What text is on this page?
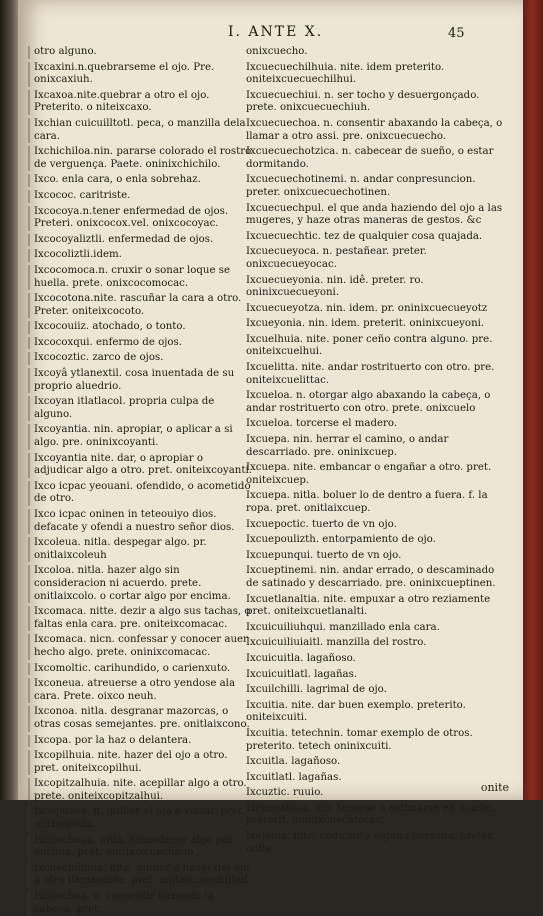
I. ANTE X.	45

otro alguno.

Ixcaxini.n.quebrarseme el ojo. Pre. onixcaxiuh.

Ixcaxoa.nite.quebrar a otro el ojo. Preterito. o niteixcaxo.

Ixchian cuicuilltotl. peca, o manzilla dela cara.

Ixchichiloa.nin. pararse colorado el rostro de verguença. Paete. oninixchichilo.

Ixco. enla cara, o enla sobrehaz.

Ixcococ. caritriste.

Ixcocoya.n.tener enfermedad de ojos. Preteri. onixcocox.vel. onixcocoyac.

Ixcocoyaliztli. enfermedad de ojos.

Ixcocoliztli.idem.

Ixcocomoca.n. cruxir o sonar loque se huella. prete. onixcocomocac.

Ixcocotona.nite. rascuñar la cara a otro. Preter. oniteixcocoto.

Ixcocouiiz. atochado, o tonto.

Ixcocoxqui. enfermo de ojos.

Ixcocoztic. zarco de ojos.

Ixcoyâ ytlanextil. cosa inuentada de su proprio aluedrio.

Ixcoyan itlatlacol. propria culpa de alguno.

Ixcoyantia. nin. apropiar, o aplicar a si algo. pre. oninixcoyanti.

Ixcoyantia nite. dar, o apropiar o adjudicar algo a otro. pret. oniteixcoyanti.

Ixco icpac yeouani. ofendido, o acometido de otro.

Ixco icpac oninen in teteouiyo dios. defacate y ofendi a nuestro señor dios.

Ixcoleua. nitla. despegar algo. pr. onitlaixcoleuh

Ixcoloa. nitla. hazer algo sin consideracion ni acuerdo. prete. onitlaixcolo. o cortar algo por encima.

Ixcomaca. nitte. dezir a algo sus tachas, o faltas enla cara. pre. oniteixcomacac.

Ixcomaca. nicn. confessar y conocer auer hecho algo. prete. oninixcomacac.

Ixcomoltic. carihundido, o carienxuto.

Ixconeua. atreuerse a otro yendose ala cara. Prete. oixco neuh.

Ixconoa. nitla. desgranar mazorcas, o otras cosas semejantes. pre. onitlaixcono.

Ixcopa. por la haz o delantera.

Ixcopilhuia. nite. hazer del ojo a otro. pret. oniteixcopilhui.

Ixcopitzalhuia. nite. acepillar algo a otro. prete. oniteixcopitzalhui.

Ixcopitzoa. n. guiñar el ojo o vizcar. pret. onixcopitzo.

Ixcuechaua. nitla. humedecer algo por encima. pret. onitlaixcuechauh.

Ixcuechilhuia. nite. guiñar o hazer del ojo a otro llamandole. pret. oniteixcuechilhui.

Ixcuechoa. n. consentir baxando la cabeça. pret.

onixcuecho.

Ixcuecuechilhuia. nite. idem preterito. oniteixcuecuechilhui.

Ixcuecuechiui. n. ser tocho y desuergonçado. prete. onixcuecuechiuh.

Ixcuecuechoa. n. consentir abaxando la cabeça, o llamar a otro assi. pre. onixcuecuecho.

Ixcuecuechotzica. n. cabecear de sueño, o estar dormitando.

Ixcuecuechotinemi. n. andar conpresuncion. preter. onixcuecuechotinen.

Ixcuecuechpul. el que anda haziendo del ojo a las mugeres, y haze otras maneras de gestos. &c

Ixcuecuechtic. tez de qualquier cosa quajada.

Ixcuecueyoca. n. pestañear. preter. onixcuecueyocac.

Ixcuecueyonia. nin. idê. preter. ro. oninixcuecueyoni.

Ixcuecueyotza. nin. idem. pr. oninixcuecueyotz

Ixcueyonia. nin. idem. preterit. oninixcueyoni.

Ixcuelhuia. nite. poner ceño contra alguno. pre. oniteixcuelhui.

Ixcuelitta. nite. andar rostrituerto con otro. pre. oniteixcuelittac.

Ixcueloa. n. otorgar algo abaxando la cabeça, o andar rostrituerto con otro. prete. onixcuelo

Ixcueloa. torcerse el madero.

Ixcuepa. nin. herrar el camino, o andar descarriado. pre. oninixcuep.

Ixcuepa. nite. embancar o engañar a otro. pret. oniteixcuep.

Ixcuepa. nitla. boluer lo de dentro a fuera. f. la ropa. pret. onitlaixcuep.

Ixcuepoctic. tuerto de vn ojo.

Ixcuepoulizth. entorpamiento de ojo.

Ixcuepunqui. tuerto de vn ojo.

Ixcueptinemi. nin. andar errado, o descaminado de satinado y descarriado. pre. oninixcueptinen.

Ixcuetlanaltia. nite. empuxar a otro reziamente pret. oniteixcuetlanalti.

Ixcuicuiliuhqui. manzillado enla cara.

Ixcuicuiliuiaitl. manzilla del rostro.

Ixcuicuitla. lagañoso.

Ixcuicuitlatl. lagañas.

Ixcuilchilli. lagrimal de ojo.

Ixcuitia. nite. dar buen exemplo. preterito. oniteixcuiti.

Ixcuitia. tetechnin. tomar exemplo de otros. preterito. tetech oninixcuiti.

Ixcuitla. lagañoso.

Ixcuitlatl. lagañas.

Ixcuztic. ruuio.

Ixcuecatoca. nin. tenerse o estimarse en mucho. preterit. oninixcuecatocac.

Ixelenia. nite. codiciar a alguna persona. preter. onite

onite
